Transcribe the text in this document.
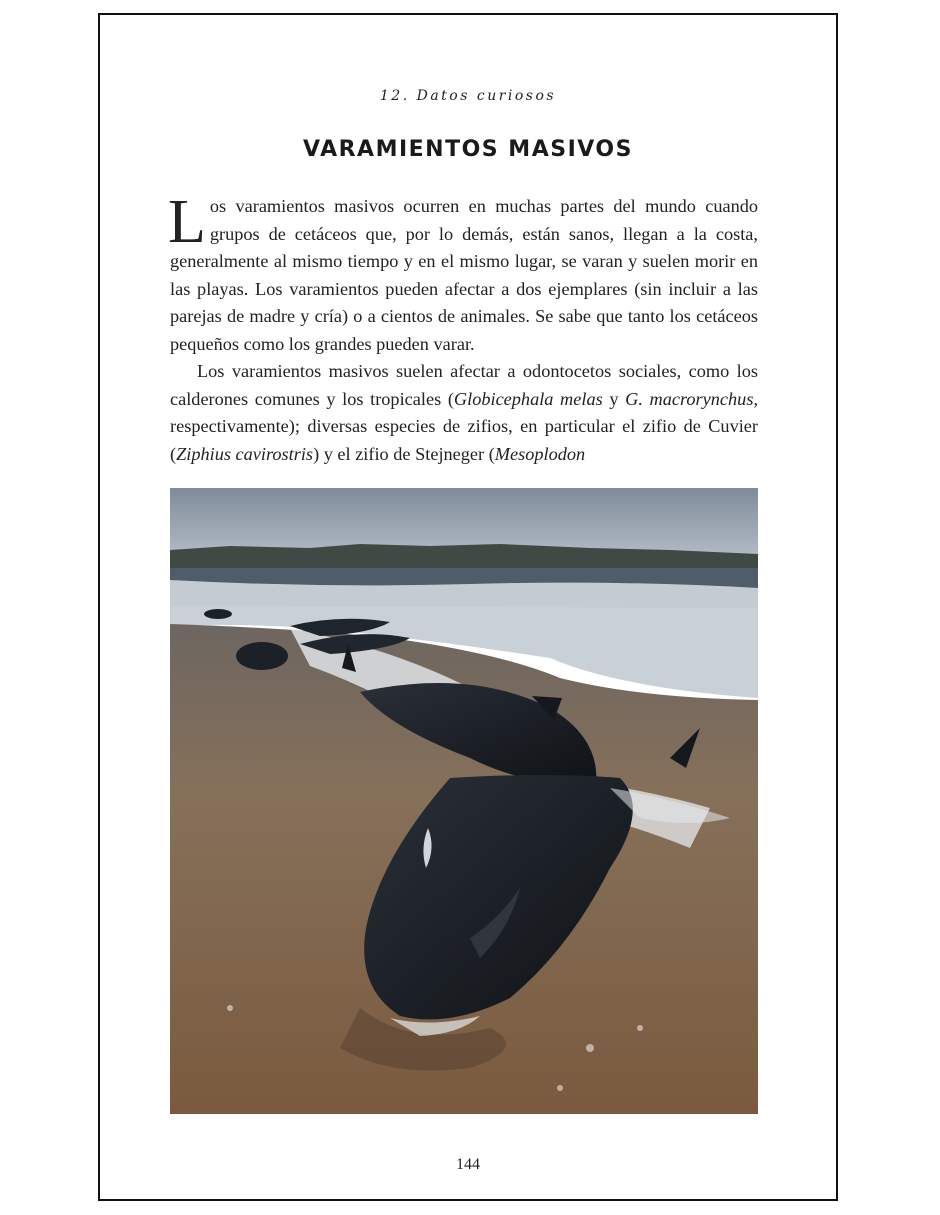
12. Datos curiosos
VARAMIENTOS MASIVOS

Los varamientos masivos ocurren en muchas partes del mundo cuando grupos de cetáceos que, por lo demás, están sanos, llegan a la costa, generalmente al mismo tiempo y en el mismo lugar, se varan y suelen morir en las playas. Los varamientos pueden afectar a dos ejemplares (sin incluir a las parejas de madre y cría) o a cientos de animales. Se sabe que tanto los cetáceos pequeños como los grandes pueden varar.

Los varamientos masivos suelen afectar a odontocetos sociales, como los calderones comunes y los tropicales (Globicephala melas y G. macrorynchus, respectivamente); diversas especies de zifios, en particular el zifio de Cuvier (Ziphius cavirostris) y el zifio de Stejneger (Mesoplodon

144
